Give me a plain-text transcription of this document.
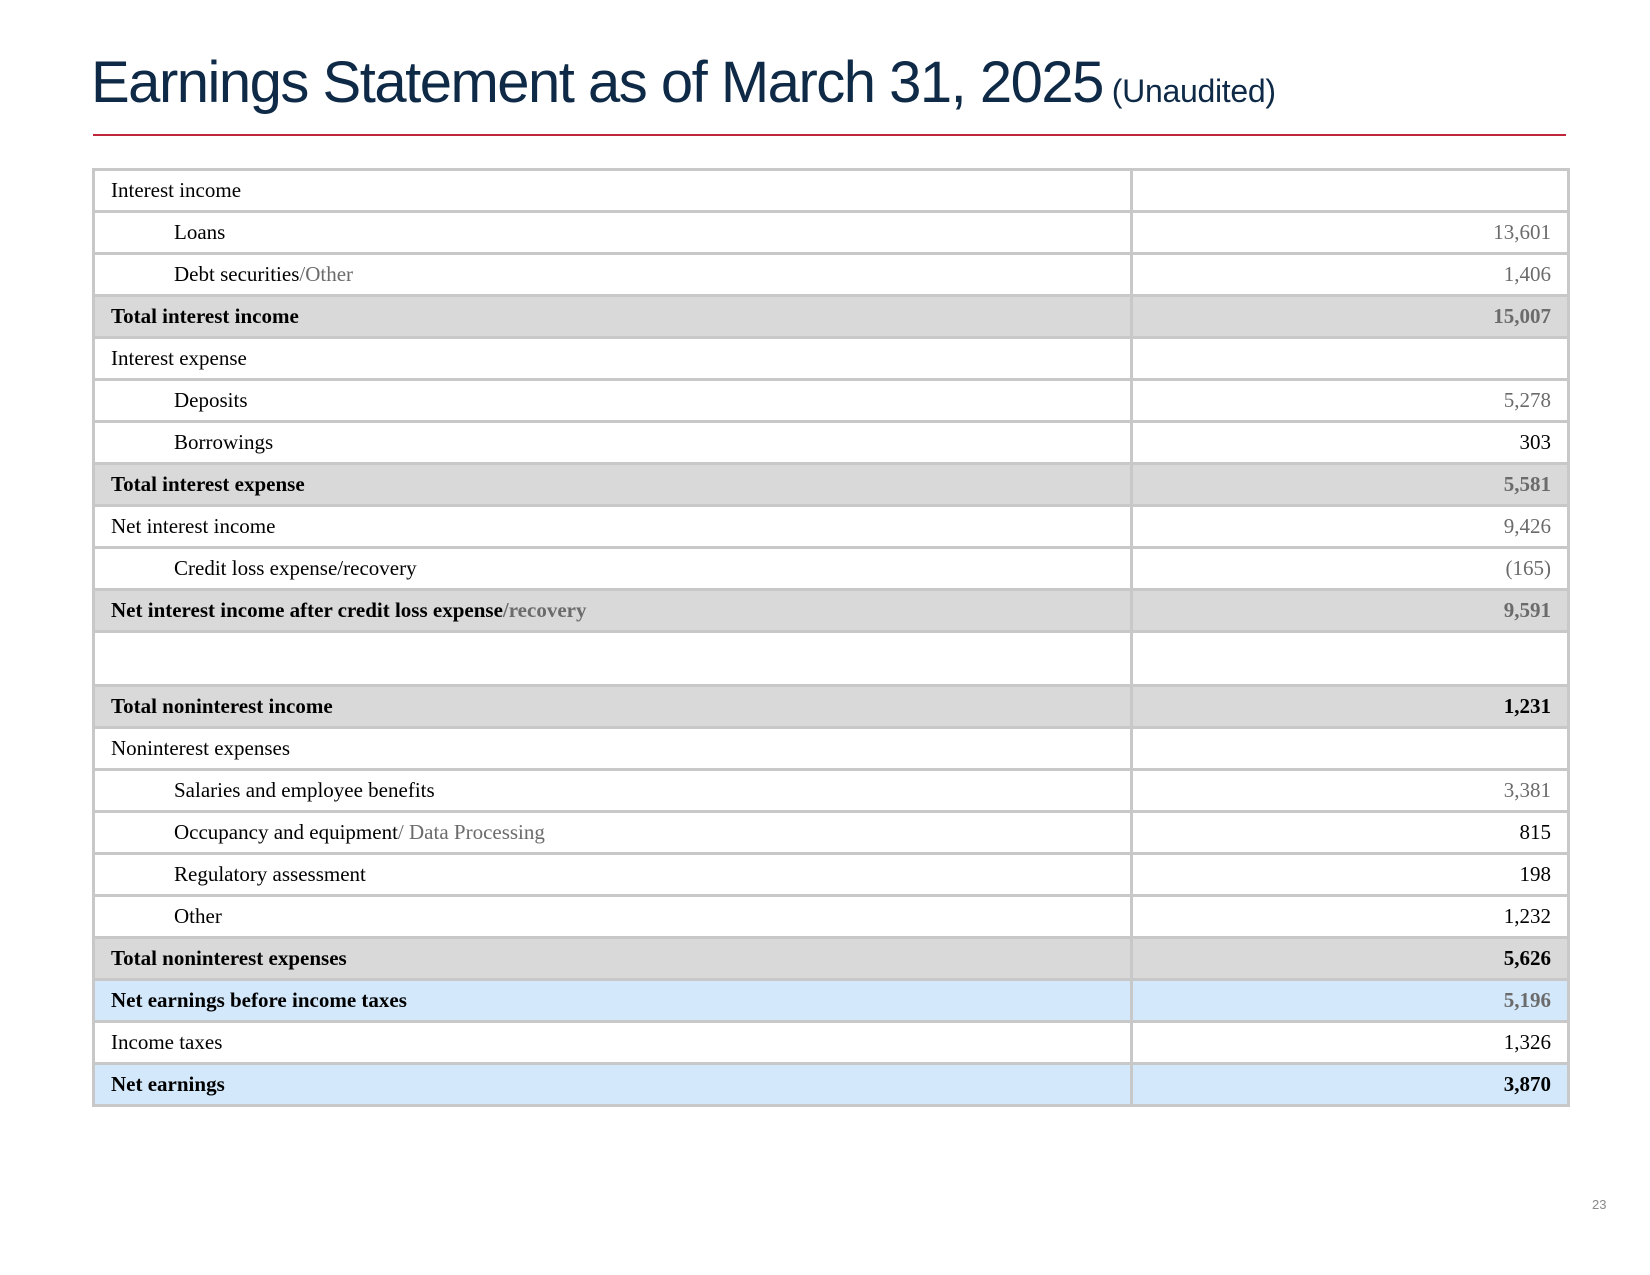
Earnings Statement as of March 31, 2025 (Unaudited)
Interest income	
Loans	13,601
Debt securities/Other	1,406
Total interest income	15,007
Interest expense	
Deposits	5,278
Borrowings	303
Total interest expense	5,581
Net interest income	9,426
Credit loss expense/recovery	(165)
Net interest income after credit loss expense/recovery	9,591

Total noninterest income	1,231
Noninterest expenses	
Salaries and employee benefits	3,381
Occupancy and equipment/ Data Processing	815
Regulatory assessment	198
Other	1,232
Total noninterest expenses	5,626
Net earnings before income taxes	5,196
Income taxes	1,326
Net earnings	3,870
23
